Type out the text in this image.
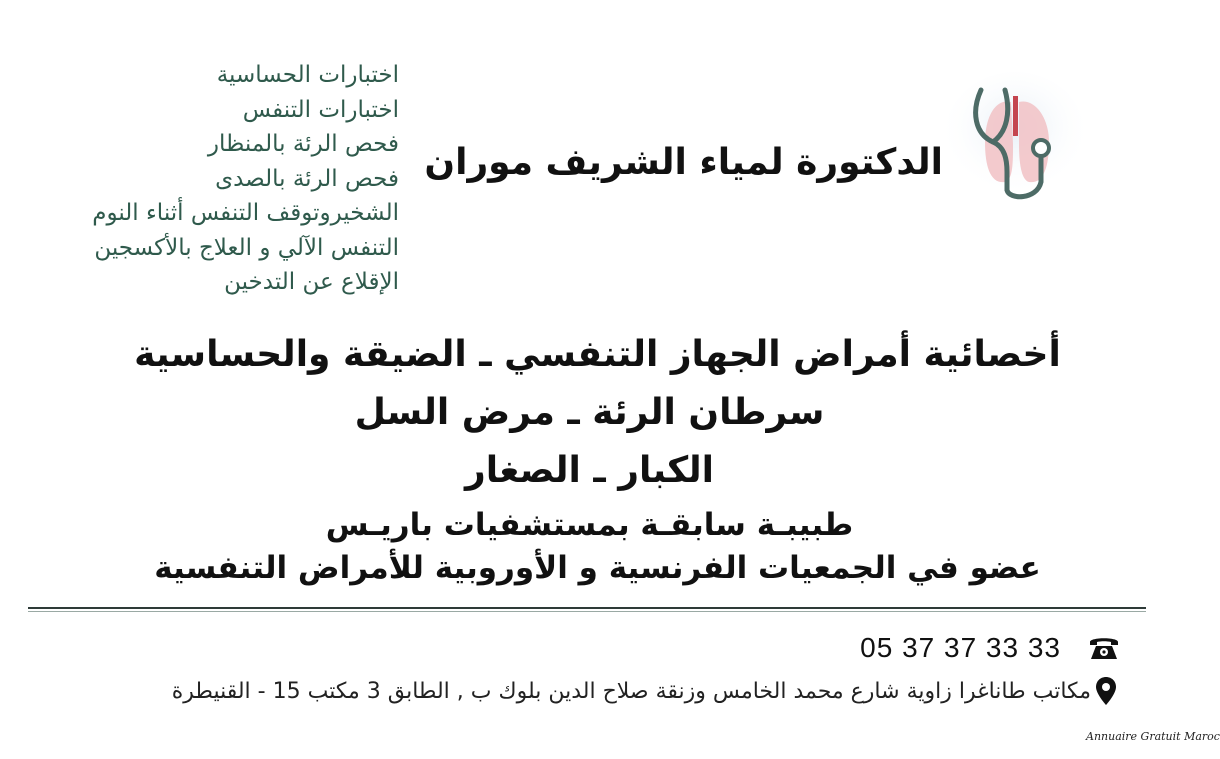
اختبارات الحساسية
اختبارات التنفس
فحص الرئة بالمنظار
فحص الرئة بالصدى
الشخيروتوقف التنفس أثناء النوم
التنفس الآلي و العلاج بالأكسجين
الإقلاع عن التدخين
الدكتورة لمياء الشريف موران
أخصائية أمراض الجهاز التنفسي ـ الضيقة والحساسية
سرطان الرئة ـ مرض السل
الكبار ـ الصغار
طبيبـة سابقـة بمستشفيات باريـس
عضو في الجمعيات الفرنسية و الأوروبية للأمراض التنفسية
05 37 37 33 33
مكاتب طاناغرا زاوية شارع محمد الخامس وزنقة صلاح الدين بلوك ب , الطابق 3 مكتب 15 - القنيطرة
Annuaire Gratuit Maroc
